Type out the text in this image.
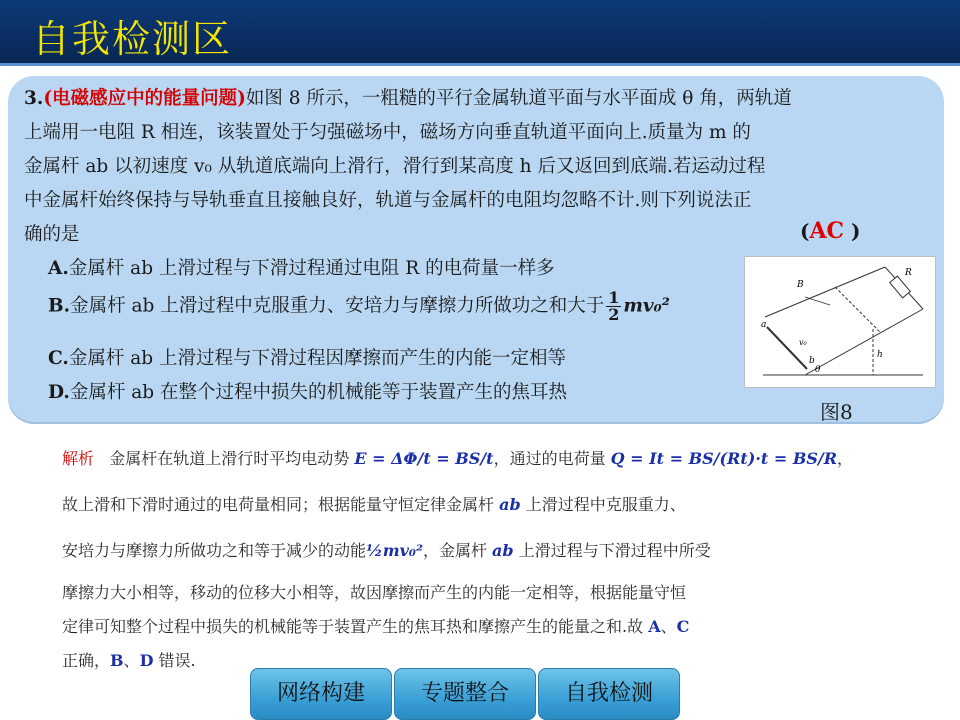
自我检测区
3.(电磁感应中的能量问题)如图 8 所示，一粗糙的平行金属轨道平面与水平面成 θ 角，两轨道
上端用一电阻 R 相连，该装置处于匀强磁场中，磁场方向垂直轨道平面向上.质量为 m 的
金属杆 ab 以初速度 v₀ 从轨道底端向上滑行，滑行到某高度 h 后又返回到底端.若运动过程
中金属杆始终保持与导轨垂直且接触良好，轨道与金属杆的电阻均忽略不计.则下列说法正
确的是	(AC )
A.金属杆 ab 上滑过程与下滑过程通过电阻 R 的电荷量一样多
B.金属杆 ab 上滑过程中克服重力、安培力与摩擦力所做功之和大于 $\frac{1}{2} mv_0^2$
C.金属杆 ab 上滑过程与下滑过程因摩擦而产生的内能一定相等
D.金属杆 ab 在整个过程中损失的机械能等于装置产生的焦耳热
B
R
a
b
v₀
h
θ
图8
解析 金属杆在轨道上滑行时平均电动势 E = ΔΦ/t = BS/t，通过的电荷量 Q = It = BS/(Rt)·t = BS/R，
故上滑和下滑时通过的电荷量相同；根据能量守恒定律金属杆 ab 上滑过程中克服重力、
安培力与摩擦力所做功之和等于减少的动能½mv₀²，金属杆 ab 上滑过程与下滑过程中所受
摩擦力大小相等，移动的位移大小相等，故因摩擦而产生的内能一定相等，根据能量守恒
定律可知整个过程中损失的机械能等于装置产生的焦耳热和摩擦产生的能量之和.故 A、C
正确，B、D 错误.
网络构建	专题整合	自我检测
